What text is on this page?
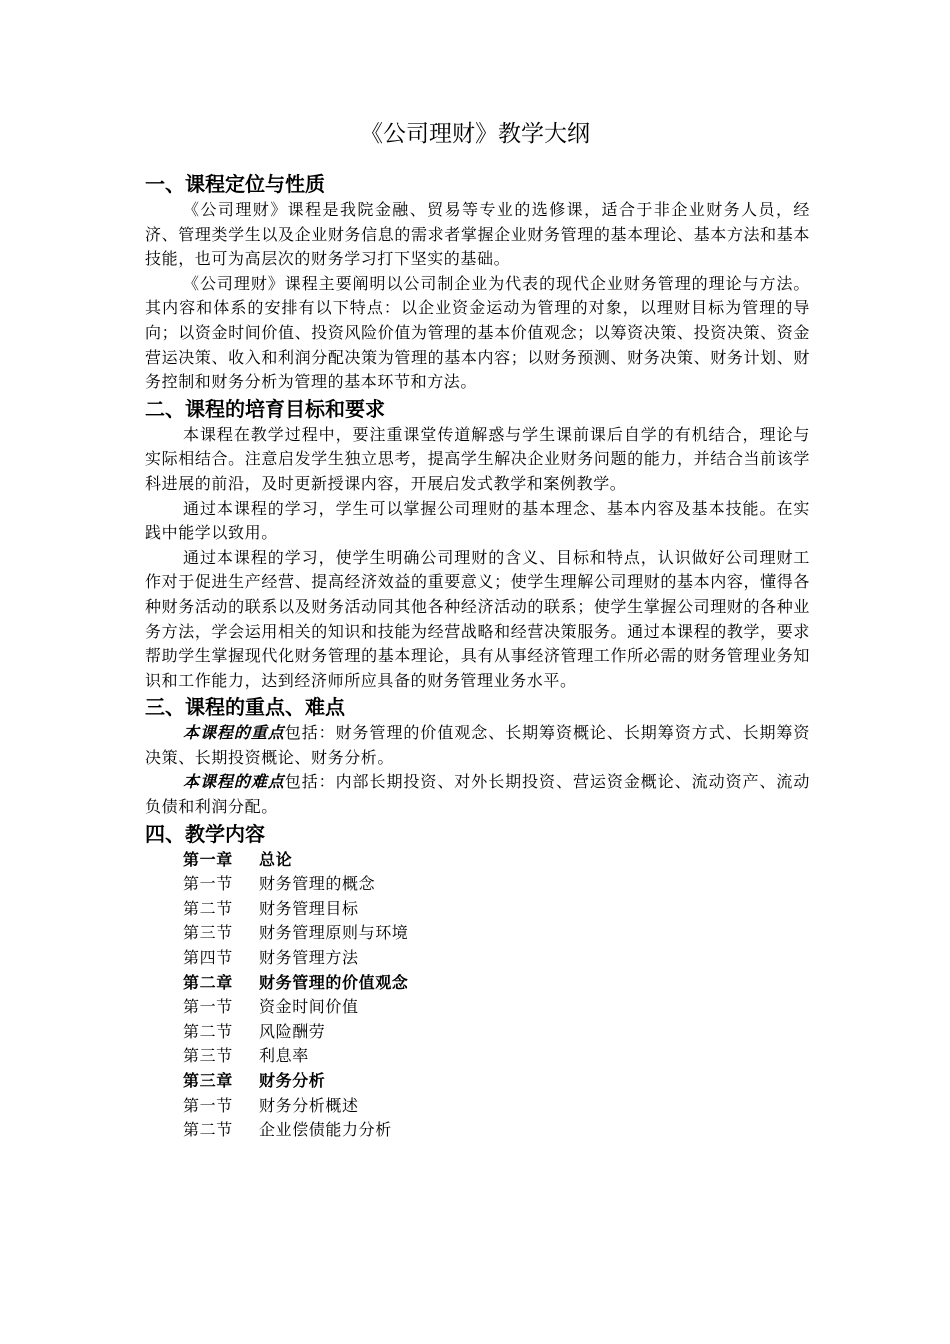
《公司理财》教学大纲
一、课程定位与性质

《公司理财》课程是我院金融、贸易等专业的选修课，适合于非企业财务人员，经济、管理类学生以及企业财务信息的需求者掌握企业财务管理的基本理论、基本方法和基本技能，也可为高层次的财务学习打下坚实的基础。

《公司理财》课程主要阐明以公司制企业为代表的现代企业财务管理的理论与方法。其内容和体系的安排有以下特点：以企业资金运动为管理的对象，以理财目标为管理的导向；以资金时间价值、投资风险价值为管理的基本价值观念；以筹资决策、投资决策、资金营运决策、收入和利润分配决策为管理的基本内容；以财务预测、财务决策、财务计划、财务控制和财务分析为管理的基本环节和方法。

二、课程的培育目标和要求

本课程在教学过程中，要注重课堂传道解惑与学生课前课后自学的有机结合，理论与实际相结合。注意启发学生独立思考，提高学生解决企业财务问题的能力，并结合当前该学科进展的前沿，及时更新授课内容，开展启发式教学和案例教学。

通过本课程的学习，学生可以掌握公司理财的基本理念、基本内容及基本技能。在实践中能学以致用。

通过本课程的学习，使学生明确公司理财的含义、目标和特点，认识做好公司理财工作对于促进生产经营、提高经济效益的重要意义；使学生理解公司理财的基本内容，懂得各种财务活动的联系以及财务活动同其他各种经济活动的联系；使学生掌握公司理财的各种业务方法，学会运用相关的知识和技能为经营战略和经营决策服务。通过本课程的教学，要求帮助学生掌握现代化财务管理的基本理论，具有从事经济管理工作所必需的财务管理业务知识和工作能力，达到经济师所应具备的财务管理业务水平。

三、课程的重点、难点

本课程的重点包括：财务管理的价值观念、长期筹资概论、长期筹资方式、长期筹资决策、长期投资概论、财务分析。

本课程的难点包括：内部长期投资、对外长期投资、营运资金概论、流动资产、流动负债和利润分配。

四、教学内容
第一章	总论
第一节	财务管理的概念
第二节	财务管理目标
第三节	财务管理原则与环境
第四节	财务管理方法
第二章	财务管理的价值观念
第一节	资金时间价值
第二节	风险酬劳
第三节	利息率
第三章	财务分析
第一节	财务分析概述
第二节	企业偿债能力分析
